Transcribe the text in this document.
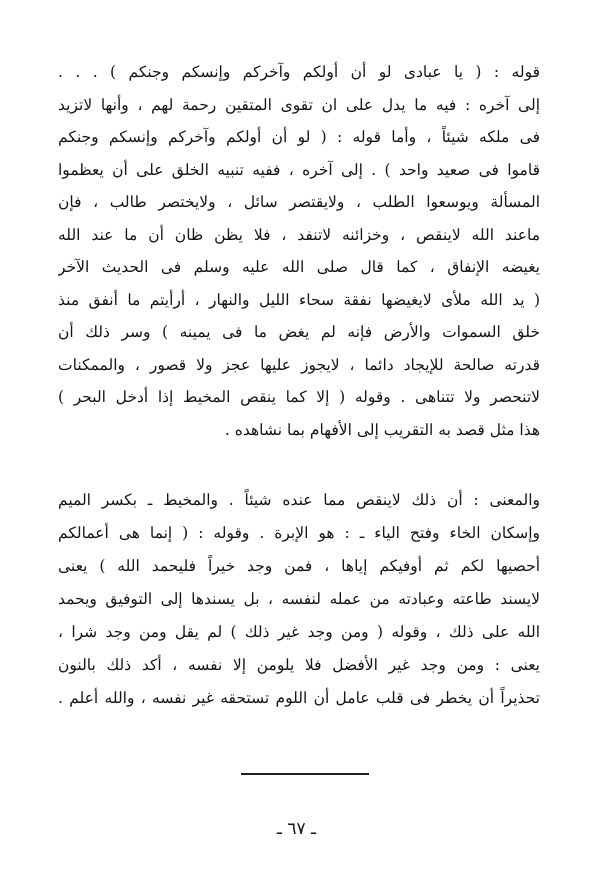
قوله : ( يا عبادى لو أن أولكم وآخركم وإنسكم وجنكم ) . . .
إلى آخره : فيه ما يدل على ان تقوى المتقين رحمة لهم ، وأنها لاتزيد
فى ملكه شيئاً ، وأما قوله : ( لو أن أولكم وآخركم وإنسكم وجنكم
قاموا فى صعيد واحد ) . إلى آخره ، ففيه تنبيه الخلق على أن يعظموا
المسألة ويوسعوا الطلب ، ولايقتصر سائل ، ولايختصر طالب ، فإن
ماعند الله لاينقص ، وخزائنه لاتنفد ، فلا يظن ظان أن ما عند الله
يغيضه الإنفاق ، كما قال صلى الله عليه وسلم فى الحديث الآخر
( يد الله ملأى لايغيضها نفقة سحاء الليل والنهار ، أرأيتم ما أنفق منذ
خلق السموات والأرض فإنه لم يغض ما فى يمينه ) وسر ذلك أن
قدرته صالحة للإيجاد دائما ، لايجوز عليها عجز ولا قصور ، والممكنات
لاتنحصر ولا تتناهى . وقوله ( إلا كما ينقص المخيط إذا أدخل البحر )
هذا مثل قصد به التقريب إلى الأفهام بما نشاهده .
والمعنى : أن ذلك لاينقص مما عنده شيئاً . والمخيط ـ بكسر الميم
وإسكان الخاء وفتح الياء ـ : هو الإبرة . وقوله : ( إنما هى أعمالكم
أحصيها لكم ثم أوفيكم إياها ، فمن وجد خيراً فليحمد الله ) يعنى
لايسند طاعته وعبادته من عمله لنفسه ، بل يسندها إلى التوفيق ويحمد
الله على ذلك ، وقوله ( ومن وجد غير ذلك ) لم يقل ومن وجد شرا ،
يعنى : ومن وجد غير الأفضل فلا يلومن إلا نفسه ، أكد ذلك بالنون
تحذيراً أن يخطر فى قلب عامل أن اللوم تستحقه غير نفسه ، والله أعلم .
ـ ٦٧ ـ
